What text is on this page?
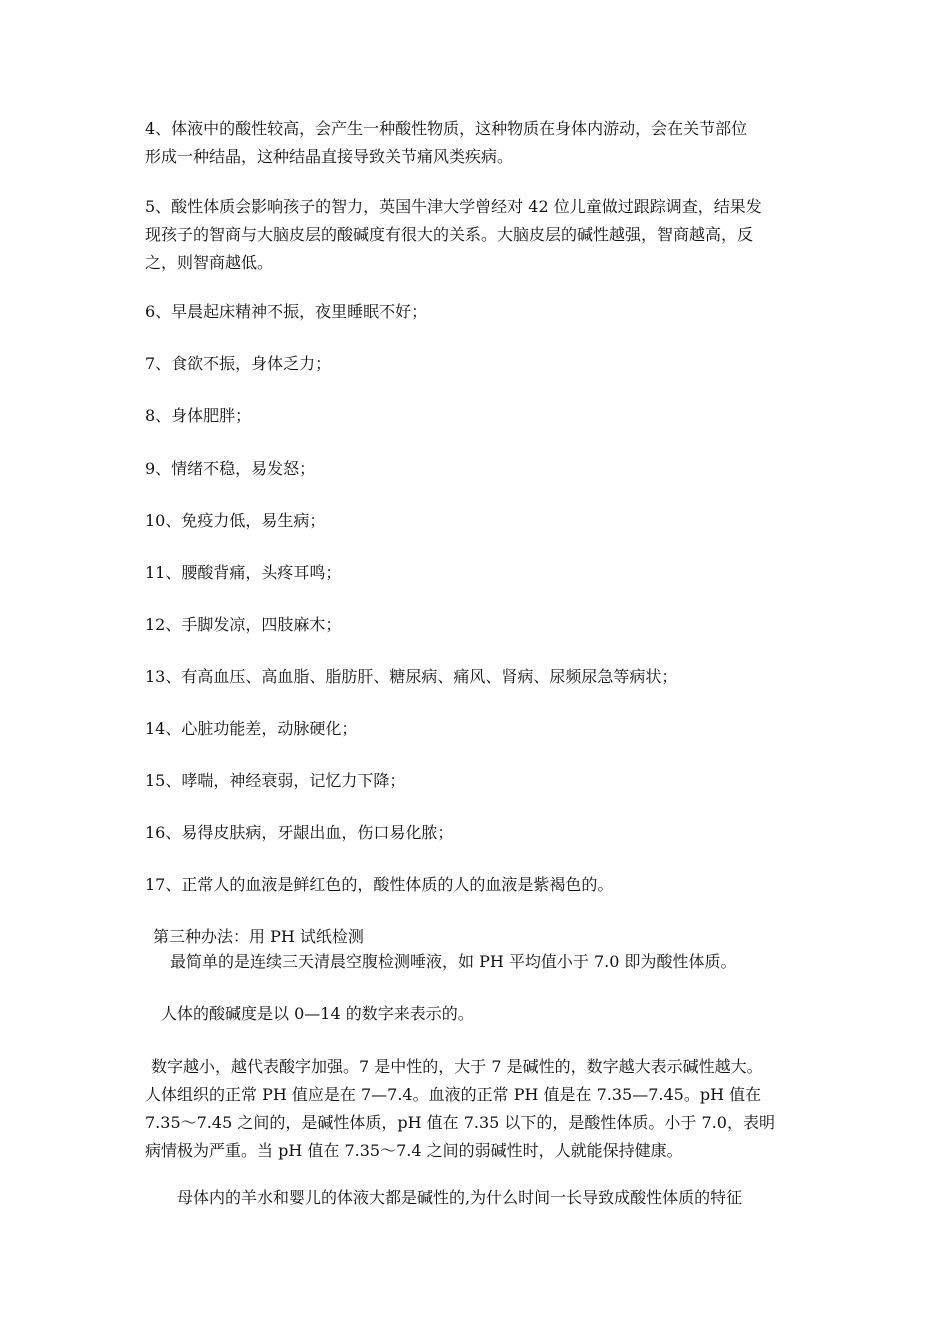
4、体液中的酸性较高，会产生一种酸性物质，这种物质在身体内游动，会在关节部位
形成一种结晶，这种结晶直接导致关节痛风类疾病。
5、酸性体质会影响孩子的智力，英国牛津大学曾经对 42 位儿童做过跟踪调查，结果发
现孩子的智商与大脑皮层的酸碱度有很大的关系。大脑皮层的碱性越强，智商越高，反
之，则智商越低。
6、早晨起床精神不振，夜里睡眠不好；
7、食欲不振，身体乏力；
8、身体肥胖；
9、情绪不稳，易发怒；
10、免疫力低，易生病；
11、腰酸背痛，头疼耳鸣；
12、手脚发凉，四肢麻木；
13、有高血压、高血脂、脂肪肝、糖尿病、痛风、肾病、尿频尿急等病状；
14、心脏功能差，动脉硬化；
15、哮喘，神经衰弱，记忆力下降；
16、易得皮肤病，牙龈出血，伤口易化脓；
17、正常人的血液是鲜红色的，酸性体质的人的血液是紫褐色的。
第三种办法：用 PH 试纸检测
最简单的是连续三天清晨空腹检测唾液，如 PH 平均值小于 7.0 即为酸性体质。
人体的酸碱度是以 0—14 的数字来表示的。
数字越小，越代表酸字加强。7 是中性的，大于 7 是碱性的，数字越大表示碱性越大。
人体组织的正常 PH 值应是在 7—7.4。血液的正常 PH 值是在 7.35—7.45。pH 值在
7.35～7.45 之间的，是碱性体质，pH 值在 7.35 以下的，是酸性体质。小于 7.0，表明
病情极为严重。当 pH 值在 7.35～7.4 之间的弱碱性时，人就能保持健康。
母体内的羊水和婴儿的体液大都是碱性的,为什么时间一长导致成酸性体质的特征
